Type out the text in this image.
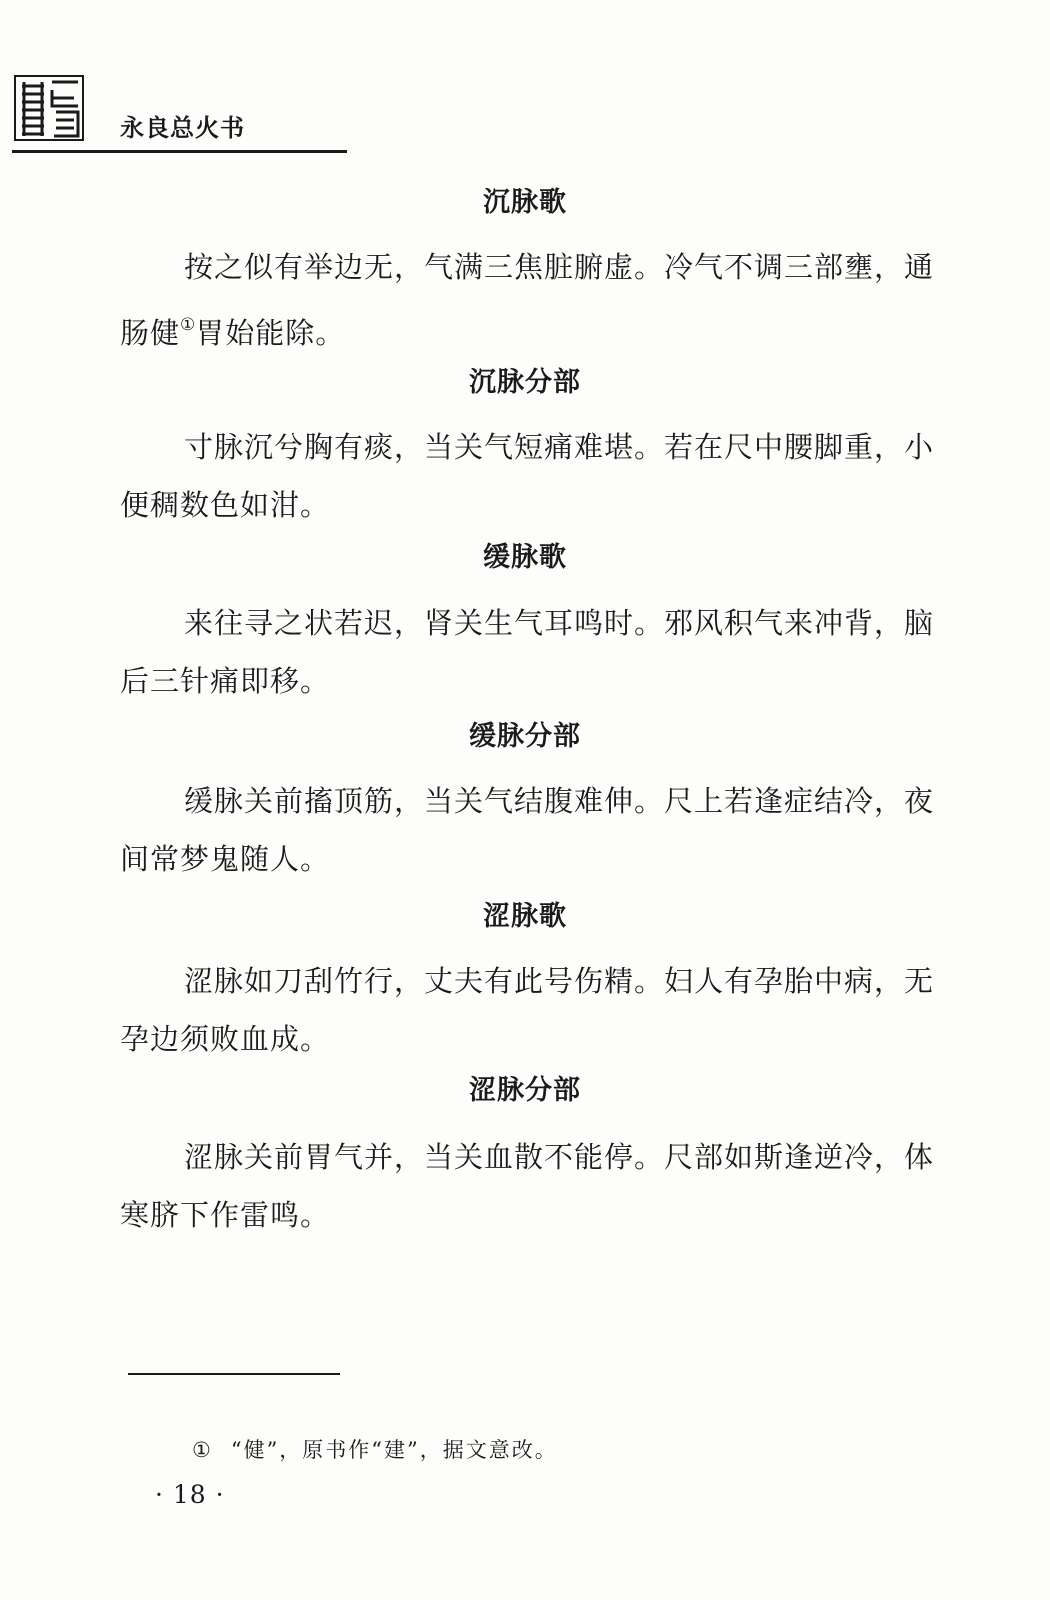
永良总火书
沉脉歌

按之似有举边无，气满三焦脏腑虚。冷气不调三部壅，通肠健①胃始能除。

沉脉分部

寸脉沉兮胸有痰，当关气短痛难堪。若在尺中腰脚重，小便稠数色如泔。

缓脉歌

来往寻之状若迟，肾关生气耳鸣时。邪风积气来冲背，脑后三针痛即移。

缓脉分部

缓脉关前搐顶筋，当关气结腹难伸。尺上若逢症结冷，夜间常梦鬼随人。

涩脉歌

涩脉如刀刮竹行，丈夫有此号伤精。妇人有孕胎中病，无孕边须败血成。

涩脉分部

涩脉关前胃气并，当关血散不能停。尺部如斯逢逆冷，体寒脐下作雷鸣。

① “健”，原书作“建”，据文意改。
· 18 ·
